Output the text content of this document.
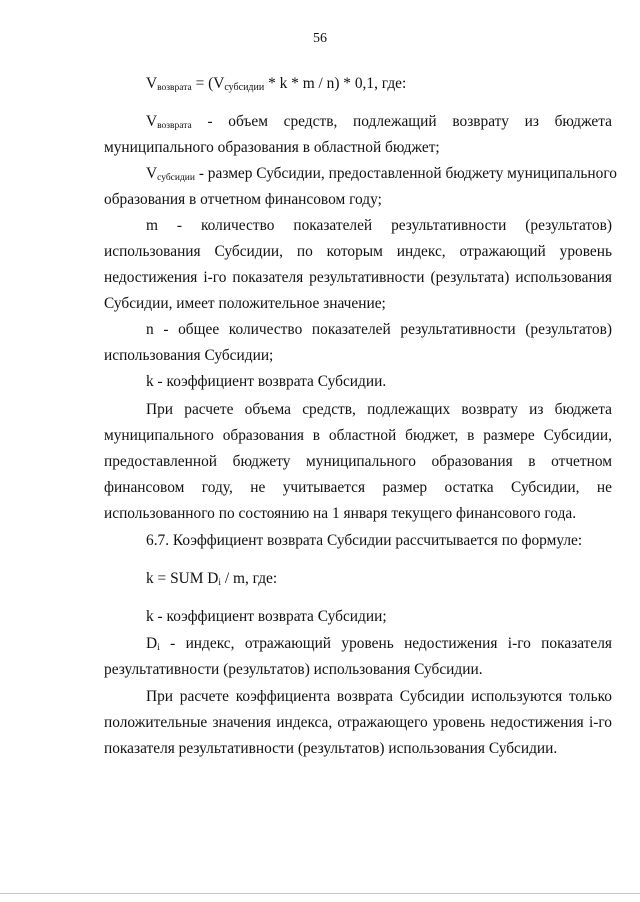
56
$V_{возврата}$ = (Vсубсидии * k * m / n) * 0,1, где:
$V_{возврата}$ - объем средств, подлежащий возврату из бюджета
муниципального образования в областной бюджет;
$V_{субсидии}$ - размер Субсидии, предоставленной бюджету муниципального
образования в отчетном финансовом году;
m - количество показателей результативности (результатов)
использования Субсидии, по которым индекс, отражающий уровень
недостижения i-го показателя результативности (результата) использования
Субсидии, имеет положительное значение;
n - общее количество показателей результативности (результатов)
использования Субсидии;
k - коэффициент возврата Субсидии.
При расчете объема средств, подлежащих возврату из бюджета
муниципального образования в областной бюджет, в размере Субсидии,
предоставленной бюджету муниципального образования в отчетном
финансовом году, не учитывается размер остатка Субсидии, не
использованного по состоянию на 1 января текущего финансового года.
6.7. Коэффициент возврата Субсидии рассчитывается по формуле:
k = SUM $D_i$ / m, где:
k - коэффициент возврата Субсидии;
$D_i$ - индекс, отражающий уровень недостижения i-го показателя
результативности (результатов) использования Субсидии.
При расчете коэффициента возврата Субсидии используются только
положительные значения индекса, отражающего уровень недостижения i-го
показателя результативности (результатов) использования Субсидии.
